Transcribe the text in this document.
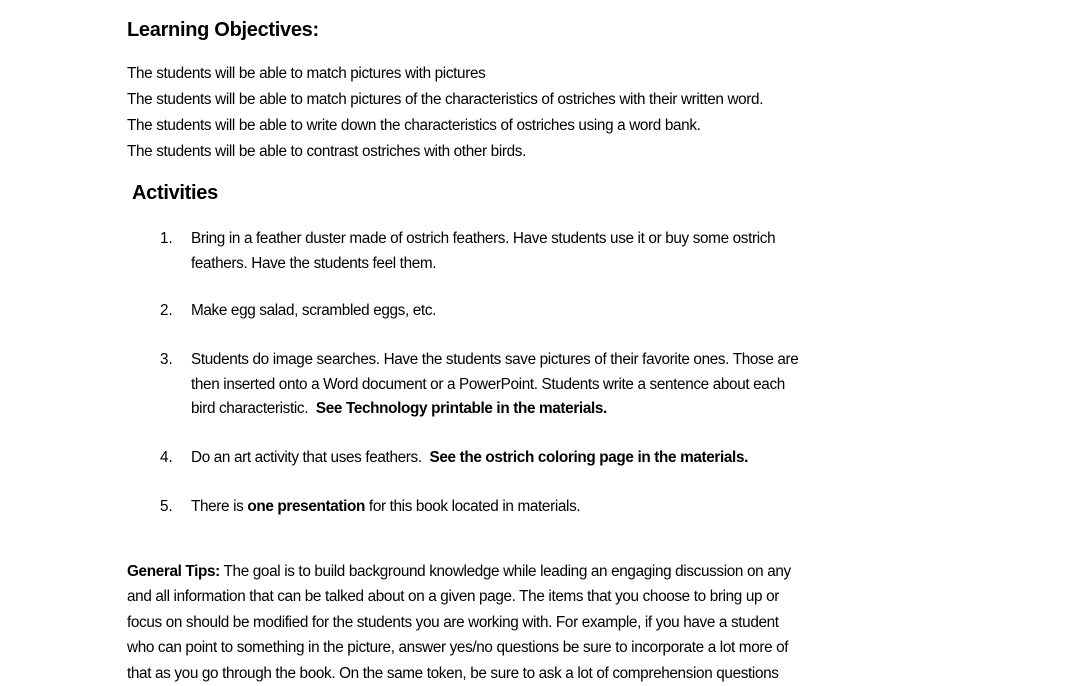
Learning Objectives:
The students will be able to match pictures with pictures
The students will be able to match pictures of the characteristics of ostriches with their written word.
The students will be able to write down the characteristics of ostriches using a word bank.
The students will be able to contrast ostriches with other birds.
Activities
1. Bring in a feather duster made of ostrich feathers. Have students use it or buy some ostrich
feathers. Have the students feel them.
2. Make egg salad, scrambled eggs, etc.
3. Students do image searches. Have the students save pictures of their favorite ones. Those are
then inserted onto a Word document or a PowerPoint. Students write a sentence about each
bird characteristic.  See Technology printable in the materials.
4. Do an art activity that uses feathers.  See the ostrich coloring page in the materials.
5. There is one presentation for this book located in materials.
General Tips: The goal is to build background knowledge while leading an engaging discussion on any
and all information that can be talked about on a given page. The items that you choose to bring up or
focus on should be modified for the students you are working with. For example, if you have a student
who can point to something in the picture, answer yes/no questions be sure to incorporate a lot more of
that as you go through the book. On the same token, be sure to ask a lot of comprehension questions
